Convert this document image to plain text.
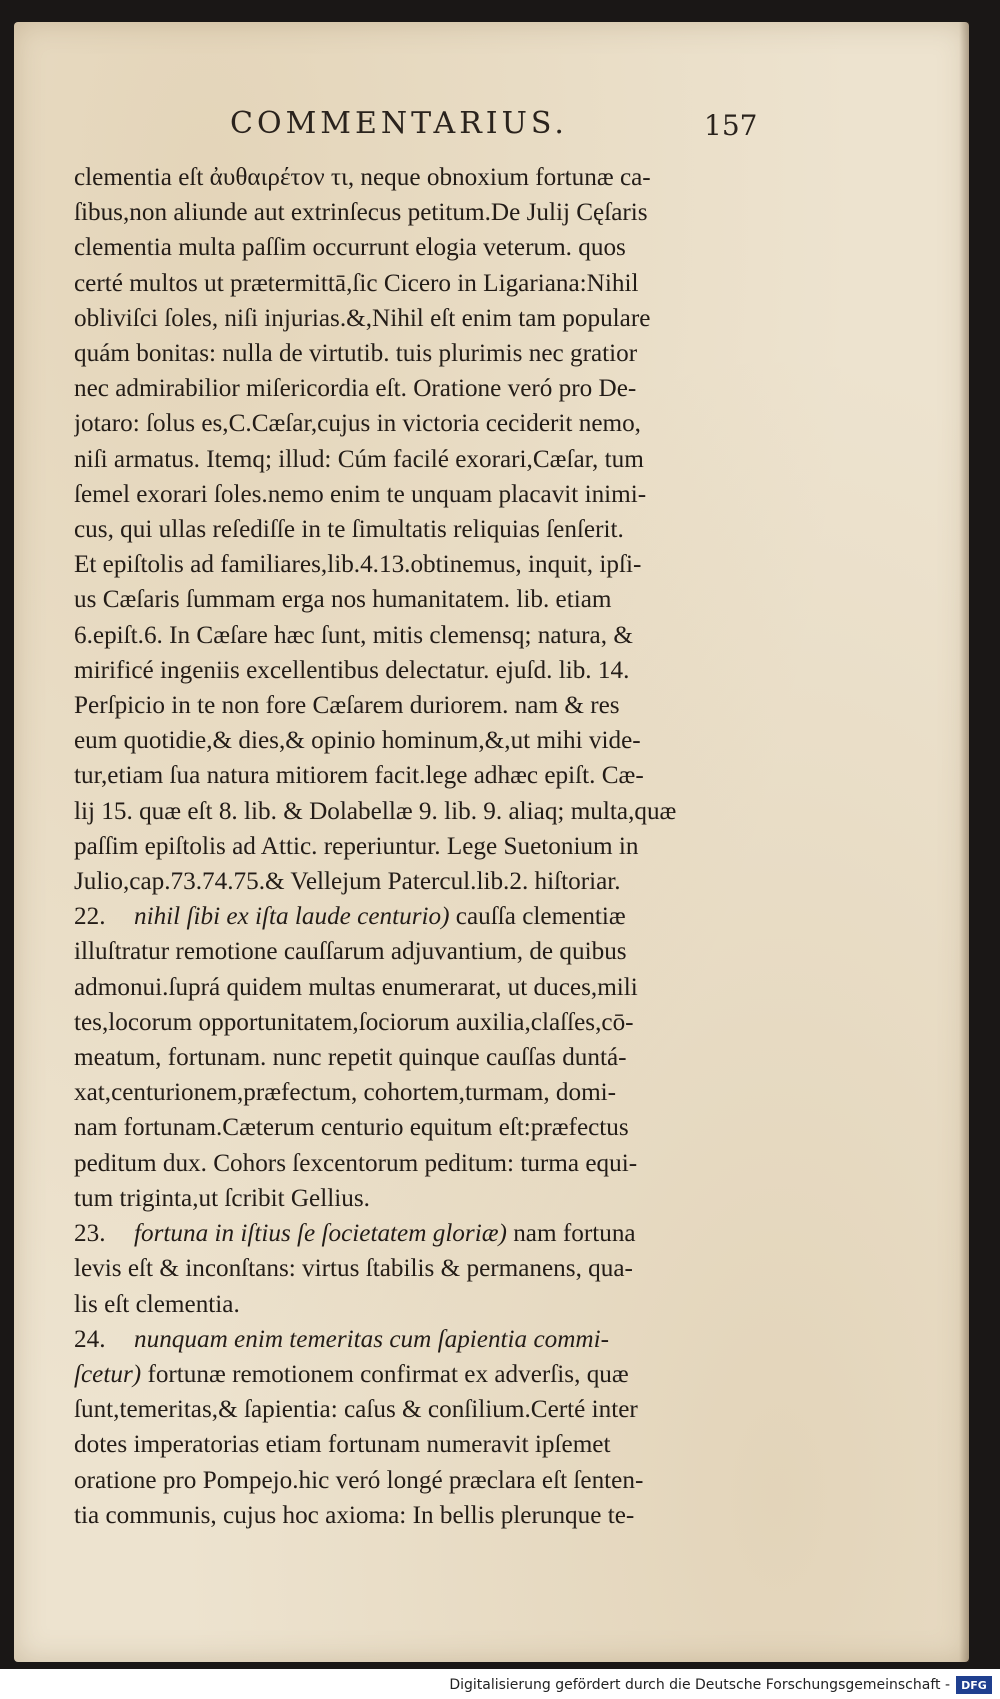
COMMENTARIUS.	157
clementia eſt ἀυθαιρέτον τι, neque obnoxium fortunæ ca-
ſibus,non aliunde aut extrinſecus petitum.De Julij Cęſaris
clementia multa paſſim occurrunt elogia veterum. quos
certé multos ut prætermittā,ſic Cicero in Ligariana:Nihil
obliviſci ſoles, niſi injurias.&,Nihil eſt enim tam populare
quám bonitas: nulla de virtutib. tuis plurimis nec gratior
nec admirabilior miſericordia eſt. Oratione veró pro De-
jotaro: ſolus es,C.Cæſar,cujus in victoria ceciderit nemo,
niſi armatus. Itemq; illud: Cúm facilé exorari,Cæſar, tum
ſemel exorari ſoles.nemo enim te unquam placavit inimi-
cus, qui ullas reſediſſe in te ſimultatis reliquias ſenſerit.
Et epiſtolis ad familiares,lib.4.13.obtinemus, inquit, ipſi-
us Cæſaris ſummam erga nos humanitatem. lib. etiam
6.epiſt.6. In Cæſare hæc ſunt, mitis clemensq; natura, &
mirificé ingeniis excellentibus delectatur. ejuſd. lib. 14.
Perſpicio in te non fore Cæſarem duriorem. nam & res
eum quotidie,& dies,& opinio hominum,&,ut mihi vide-
tur,etiam ſua natura mitiorem facit.lege adhæc epiſt. Cæ-
lij 15. quæ eſt 8. lib. & Dolabellæ 9. lib. 9. aliaq; multa,quæ
paſſim epiſtolis ad Attic. reperiuntur. Lege Suetonium in
Julio,cap.73.74.75.& Vellejum Patercul.lib.2. hiſtoriar.
22. nihil ſibi ex iſta laude centurio) cauſſa clementiæ
illuſtratur remotione cauſſarum adjuvantium, de quibus
admonui.ſuprá quidem multas enumerarat, ut duces,mili
tes,locorum opportunitatem,ſociorum auxilia,claſſes,cō-
meatum, fortunam. nunc repetit quinque cauſſas duntá-
xat,centurionem,præfectum, cohortem,turmam, domi-
nam fortunam.Cæterum centurio equitum eſt:præfectus
peditum dux. Cohors ſexcentorum peditum: turma equi-
tum triginta,ut ſcribit Gellius.
23. fortuna in iſtius ſe ſocietatem gloriæ) nam fortuna
levis eſt & inconſtans: virtus ſtabilis & permanens, qua-
lis eſt clementia.
24. nunquam enim temeritas cum ſapientia commi-
ſcetur) fortunæ remotionem confirmat ex adverſis, quæ
ſunt,temeritas,& ſapientia: caſus & conſilium.Certé inter
dotes imperatorias etiam fortunam numeravit ipſemet
oratione pro Pompejo.hic veró longé præclara eſt ſenten-
tia communis, cujus hoc axioma: In bellis plerunque te-
Digitalisierung gefördert durch die Deutsche Forschungsgemeinschaft -	DFG
